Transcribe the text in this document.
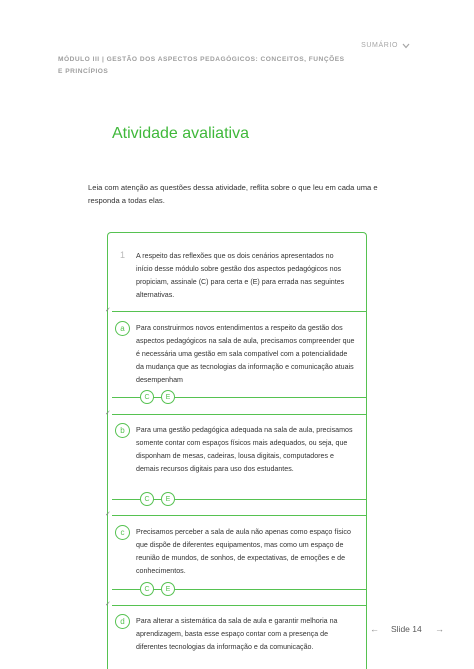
SUMÁRIO
MÓDULO III | GESTÃO DOS ASPECTOS PEDAGÓGICOS: CONCEITOS, FUNÇÕES E PRINCÍPIOS
Atividade avaliativa

Leia com atenção as questões dessa atividade, reflita sobre o que leu em cada uma e responda a todas elas.

1 A respeito das reflexões que os dois cenários apresentados no início desse módulo sobre gestão dos aspectos pedagógicos nos propiciam, assinale (C) para certa e (E) para errada nas seguintes alternativas.

✓
a	Para construirmos novos entendimentos a respeito da gestão dos aspectos pedagógicos na sala de aula, precisamos compreender que é necessária uma gestão em sala compatível com a potencialidade da mudança que as tecnologias da informação e comunicação atuais desempenham

C	E
✓
b	Para uma gestão pedagógica adequada na sala de aula, precisamos somente contar com espaços físicos mais adequados, ou seja, que disponham de mesas, cadeiras, lousa digitais, computadores e demais recursos digitais para uso dos estudantes.

C	E
✓
c	Precisamos perceber a sala de aula não apenas como espaço físico que dispõe de diferentes equipamentos, mas como um espaço de reunião de mundos, de sonhos, de expectativas, de emoções e de conhecimentos.

C	E
✓
d	Para alterar a sistemática da sala de aula e garantir melhoria na aprendizagem, basta esse espaço contar com a presença de diferentes tecnologias da informação e da comunicação.

← Slide 14 →
